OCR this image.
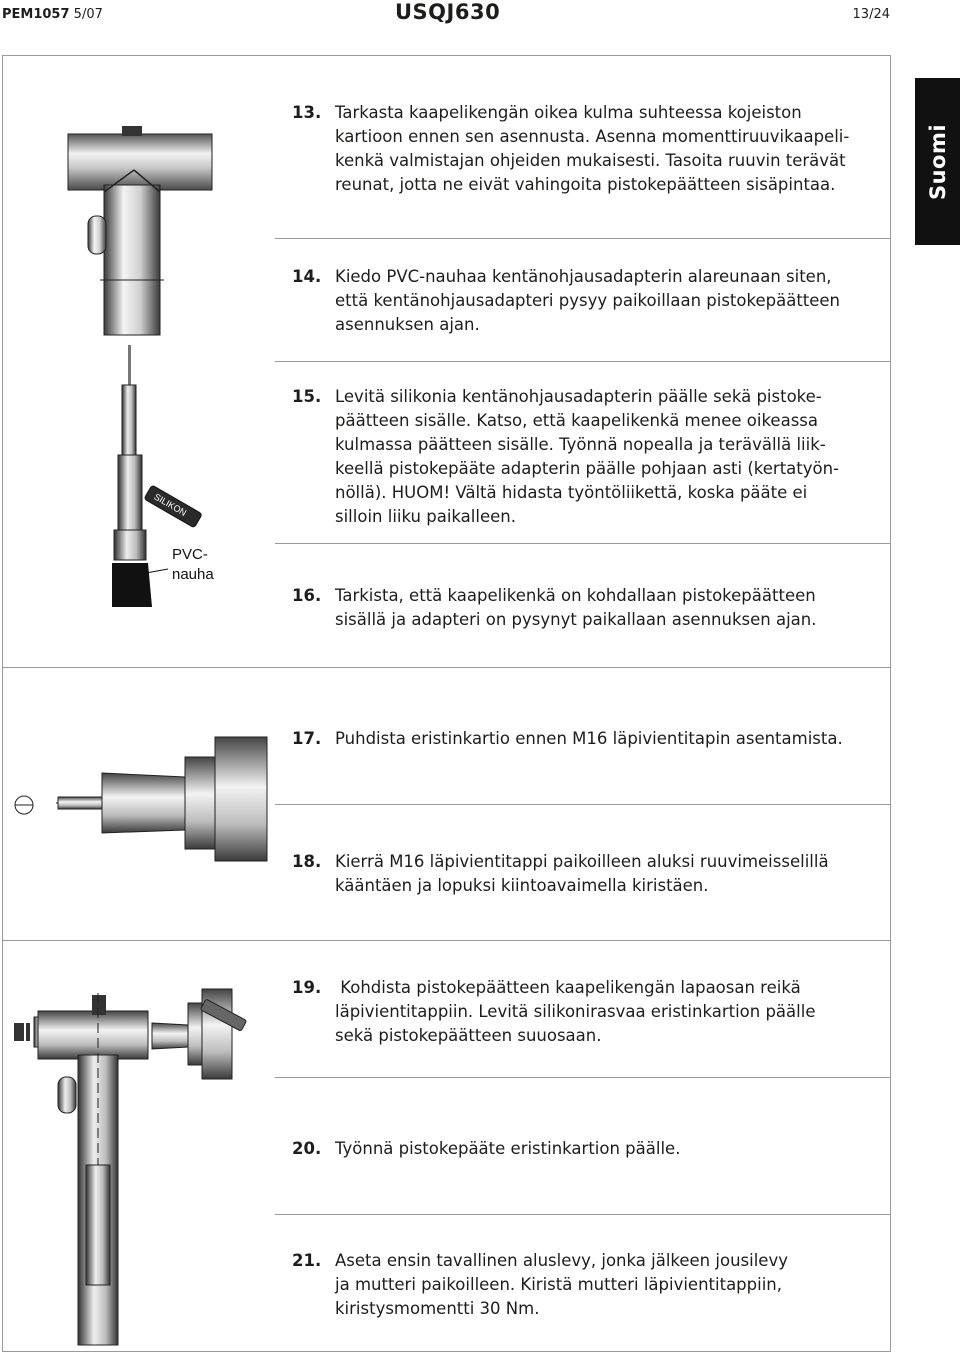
PEM1057 5/07	USQJ630	13/24
Suomi
13. Tarkasta kaapelikengän oikea kulma suhteessa kojeiston
kartioon ennen sen asennusta. Asenna momenttiruuvikaapeli-
kenkä valmistajan ohjeiden mukaisesti. Tasoita ruuvin terävät
reunat, jotta ne eivät vahingoita pistokepäätteen sisäpintaa.
14. Kiedo PVC-nauhaa kentänohjausadapterin alareunaan siten,
että kentänohjausadapteri pysyy paikoillaan pistokepäätteen
asennuksen ajan.
15. Levitä silikonia kentänohjausadapterin päälle sekä pistoke-
päätteen sisälle. Katso, että kaapelikenkä menee oikeassa
kulmassa päätteen sisälle. Työnnä nopealla ja terävällä liik-
keellä pistokepääte adapterin päälle pohjaan asti (kertatyön-
nöllä). HUOM! Vältä hidasta työntöliikettä, koska pääte ei
silloin liiku paikalleen.
16. Tarkista, että kaapelikenkä on kohdallaan pistokepäätteen
sisällä ja adapteri on pysynyt paikallaan asennuksen ajan.
17. Puhdista eristinkartio ennen M16 läpivientitapin asentamista.
18. Kierrä M16 läpivientitappi paikoilleen aluksi ruuvimeisselillä
kääntäen ja lopuksi kiintoavaimella kiristäen.
19. Kohdista pistokepäätteen kaapelikengän lapaosan reikä
läpivientitappiin. Levitä silikonirasvaa eristinkartion päälle
sekä pistokepäätteen suuosaan.
20. Työnnä pistokepääte eristinkartion päälle.
21. Aseta ensin tavallinen aluslevy, jonka jälkeen jousilevy
ja mutteri paikoilleen. Kiristä mutteri läpivientitappiin,
kiristysmomentti 30 Nm.
SILIKON
PVC-
nauha
